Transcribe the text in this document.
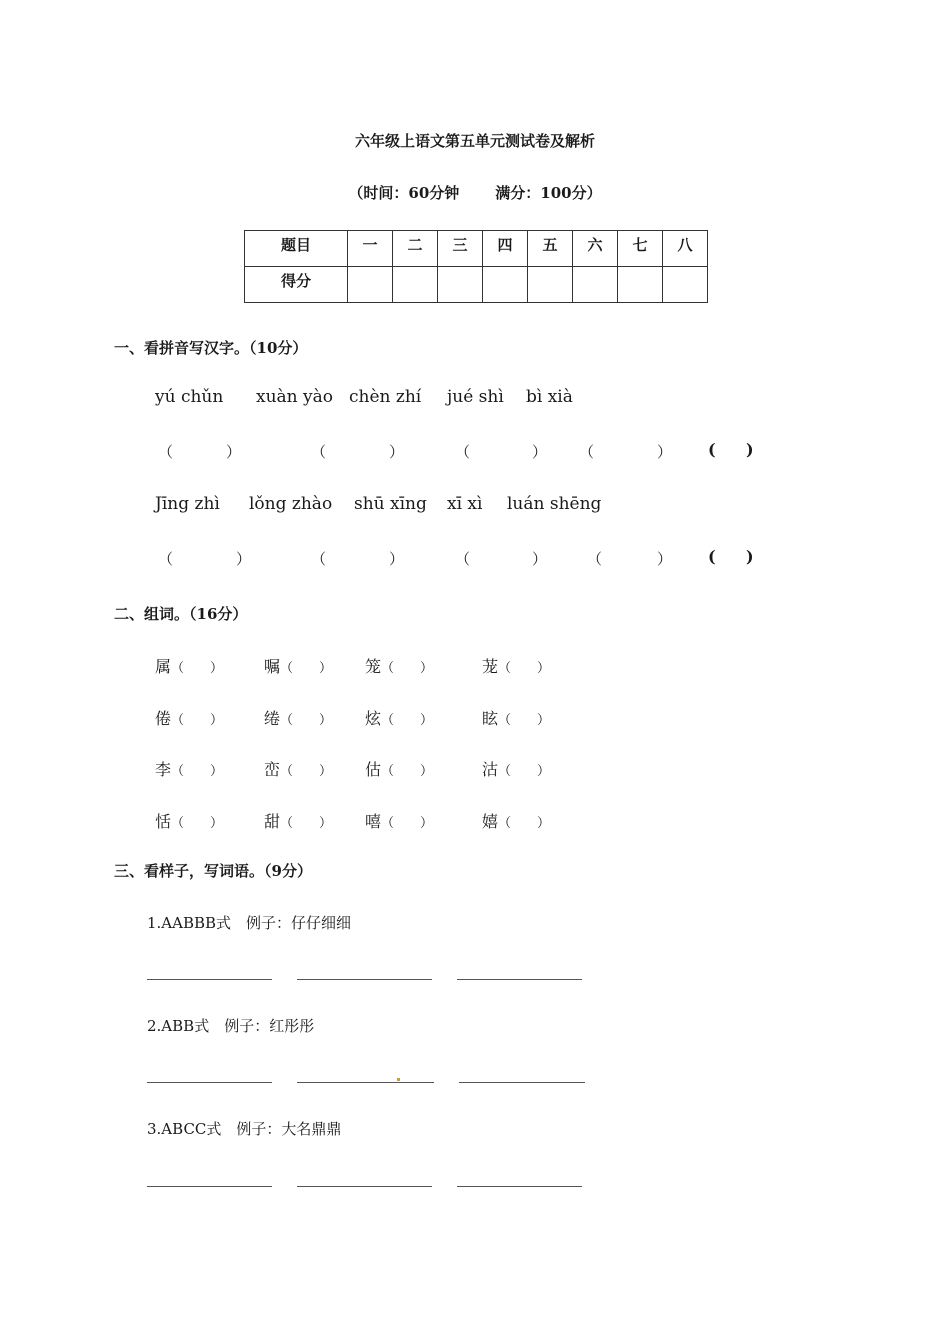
六年级上语文第五单元测试卷及解析
（时间：60分钟 满分：100分）
题目	一	二	三	四	五	六	七	八
得分								
一、看拼音写汉字。（10分）
yú chǔn xuàn yào chèn zhí jué shì bì xià
（	）	（	）	（	） （	） ( )
Jīng zhì lǒng zhào shū xīng xī xì luán shēng
（	）	（	）	（	）	（	） ( )
二、组词。（16分）
属（　　）	嘱（　　） 笼（　　）	茏（　　）
倦（　　）	绻（　　） 炫（　　）	眩（　　）
李（　　）	峦（　　） 估（　　）	沽（　　）
恬（　　）	甜（　　） 嘻（　　）	嬉（　　）
三、看样子，写词语。（9分）
1.AABBB式　例子：仔仔细细
2.ABB式　例子：红彤彤
3.ABCC式　例子：大名鼎鼎
